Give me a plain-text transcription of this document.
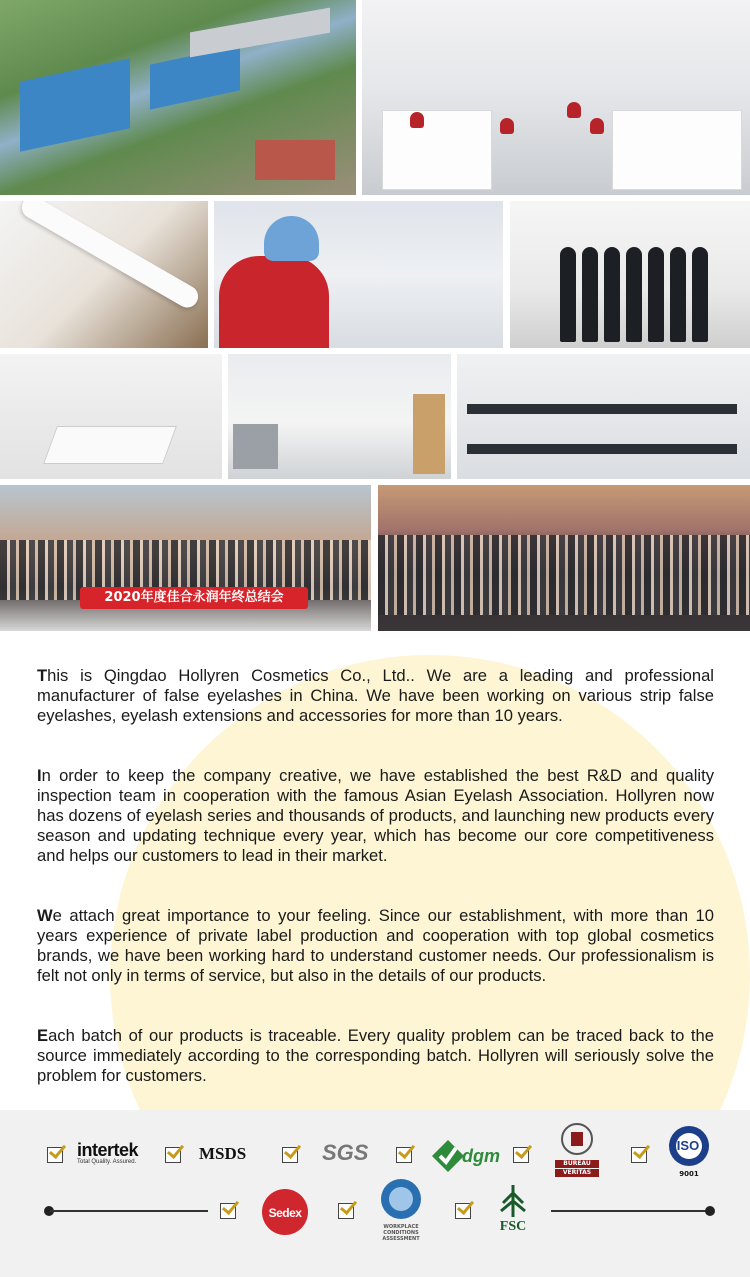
2020年度佳合永润年终总结会
This is Qingdao Hollyren Cosmetics Co., Ltd.. We are a leading and professional manufacturer of false eyelashes in China. We have been working on various strip false eyelashes, eyelash extensions and accessories for more than 10 years.
In order to keep the company creative, we have established the best R&D and quality inspection team in cooperation with the famous Asian Eyelash Association. Hollyren now has dozens of eyelash series and thousands of products, and launching new products every season and updating technique every year, which has become our core competitiveness and helps our customers to lead in their market.
We attach great importance to your feeling. Since our establishment, with more than 10 years experience of private label production and cooperation with top global cosmetics brands, we have been working hard to understand customer needs. Our professionalism is felt not only in terms of service, but also in the details of our products.
Each batch of our products is traceable. Every quality problem can be traced back to the source immediately according to the corresponding batch. Hollyren will seriously solve the problem for customers.
intertek
Total Quality. Assured.	MSDS	SGS	dgm	BUREAU
VERITAS
ISO
9001
Sedex
WORKPLACE
CONDITIONS
ASSESSMENT
FSC
